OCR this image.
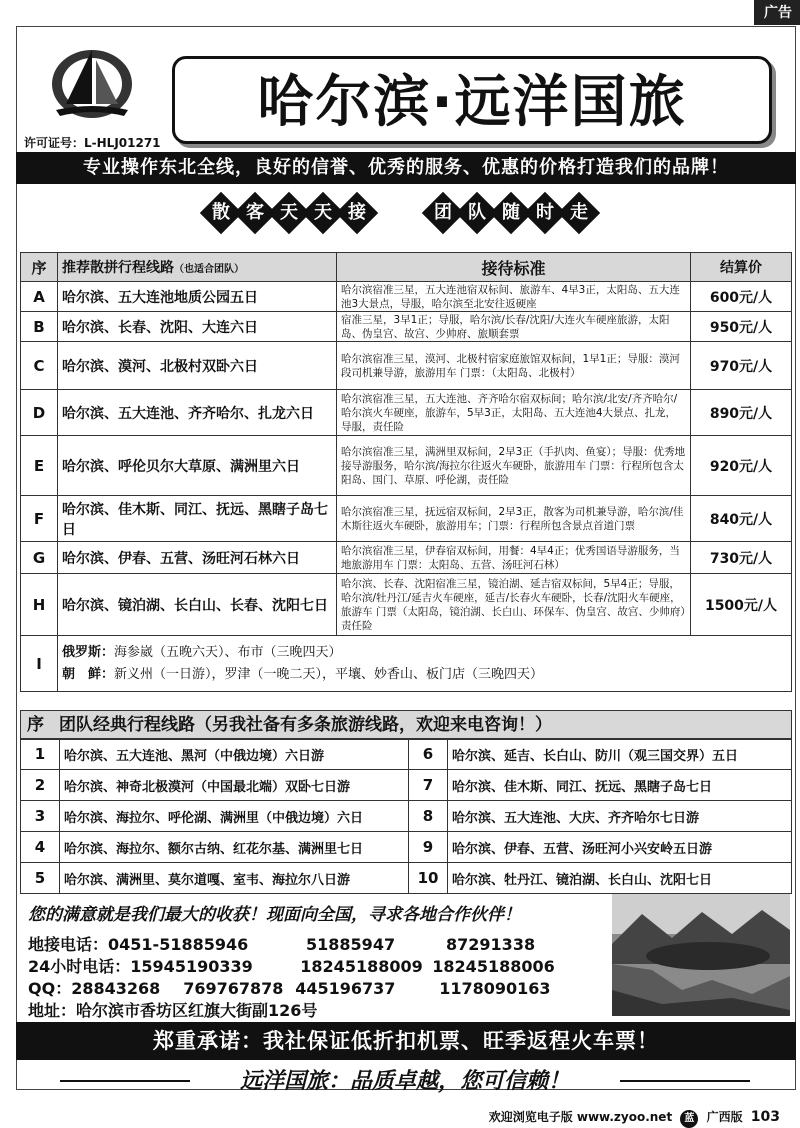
广告
许可证号：L-HLJ01271
哈尔滨·远洋国旅
专业操作东北全线，良好的信誉、优秀的服务、优惠的价格打造我们的品牌！
散 客 天 天 接	团 队 随 时 走
序	推荐散拼行程线路（也适合团队）	接待标准	结算价
A	哈尔滨、五大连池地质公园五日	哈尔滨宿准三星，五大连池宿双标间、旅游车、4早3正，太阳岛、五大连池3大景点，导服，哈尔滨至北安往返硬座	600元/人
B	哈尔滨、长春、沈阳、大连六日	宿准三星，3早1正；导服，哈尔滨/长春/沈阳/大连火车硬座旅游，太阳岛、伪皇宫、故宫、少帅府、旅顺套票	950元/人
C	哈尔滨、漠河、北极村双卧六日	哈尔滨宿准三星，漠河、北极村宿家庭旅馆双标间，1早1正；导服：漠河段司机兼导游，旅游用车 门票：（太阳岛、北极村）	970元/人
D	哈尔滨、五大连池、齐齐哈尔、扎龙六日	哈尔滨宿准三星，五大连池、齐齐哈尔宿双标间；哈尔滨/北安/齐齐哈尔/哈尔滨火车硬座，旅游车，5早3正，太阳岛、五大连池4大景点、扎龙，导服，责任险	890元/人
E	哈尔滨、呼伦贝尔大草原、满洲里六日	哈尔滨宿准三星，满洲里双标间，2早3正（手扒肉、鱼宴）；导服：优秀地接导游服务，哈尔滨/海拉尔往返火车硬卧，旅游用车 门票：行程所包含太阳岛、国门、草原、呼伦湖，责任险	920元/人
F	哈尔滨、佳木斯、同江、抚远、黑瞎子岛七日	哈尔滨宿准三星，抚远宿双标间，2早3正，散客为司机兼导游，哈尔滨/佳木斯往返火车硬卧，旅游用车；门票：行程所包含景点首道门票	840元/人
G	哈尔滨、伊春、五营、汤旺河石林六日	哈尔滨宿准三星，伊春宿双标间，用餐：4早4正；优秀国语导游服务，当地旅游用车 门票：太阳岛、五营、汤旺河石林）	730元/人
H	哈尔滨、镜泊湖、长白山、长春、沈阳七日	哈尔滨、长春、沈阳宿准三星，镜泊湖、延吉宿双标间，5早4正；导服，哈尔滨/牡丹江/延吉火车硬座，延吉/长春火车硬卧，长春/沈阳火车硬座，旅游车 门票（太阳岛，镜泊湖、长白山、环保车、伪皇宫、故宫、少帅府）责任险	1500元/人
I	俄罗斯：海参崴（五晚六天）、布市（三晚四天）
朝　鲜：新义州（一日游），罗津（一晚二天），平壤、妙香山、板门店（三晚四天）		
序 团队经典行程线路（另我社备有多条旅游线路，欢迎来电咨询！）
1	哈尔滨、五大连池、黑河（中俄边境）六日游	6	哈尔滨、延吉、长白山、防川（观三国交界）五日
2	哈尔滨、神奇北极漠河（中国最北端）双卧七日游	7	哈尔滨、佳木斯、同江、抚远、黑瞎子岛七日
3	哈尔滨、海拉尔、呼伦湖、满洲里（中俄边境）六日	8	哈尔滨、五大连池、大庆、齐齐哈尔七日游
4	哈尔滨、海拉尔、额尔古纳、红花尔基、满洲里七日	9	哈尔滨、伊春、五营、汤旺河小兴安岭五日游
5	哈尔滨、满洲里、莫尔道嘎、室韦、海拉尔八日游	10	哈尔滨、牡丹江、镜泊湖、长白山、沈阳七日
您的满意就是我们最大的收获！现面向全国，寻求各地合作伙伴！
地接电话：0451-51885946	51885947	87291338
24小时电话：15945190339	18245188009 18245188006
QQ：28843268 769767878 445196737	1178090163
地址：哈尔滨市香坊区红旗大街副126号
郑重承诺：我社保证低折扣机票、旺季返程火车票！
远洋国旅：品质卓越，您可信赖！
欢迎浏览电子版 www.zyoo.net 蓝 广西版 103
